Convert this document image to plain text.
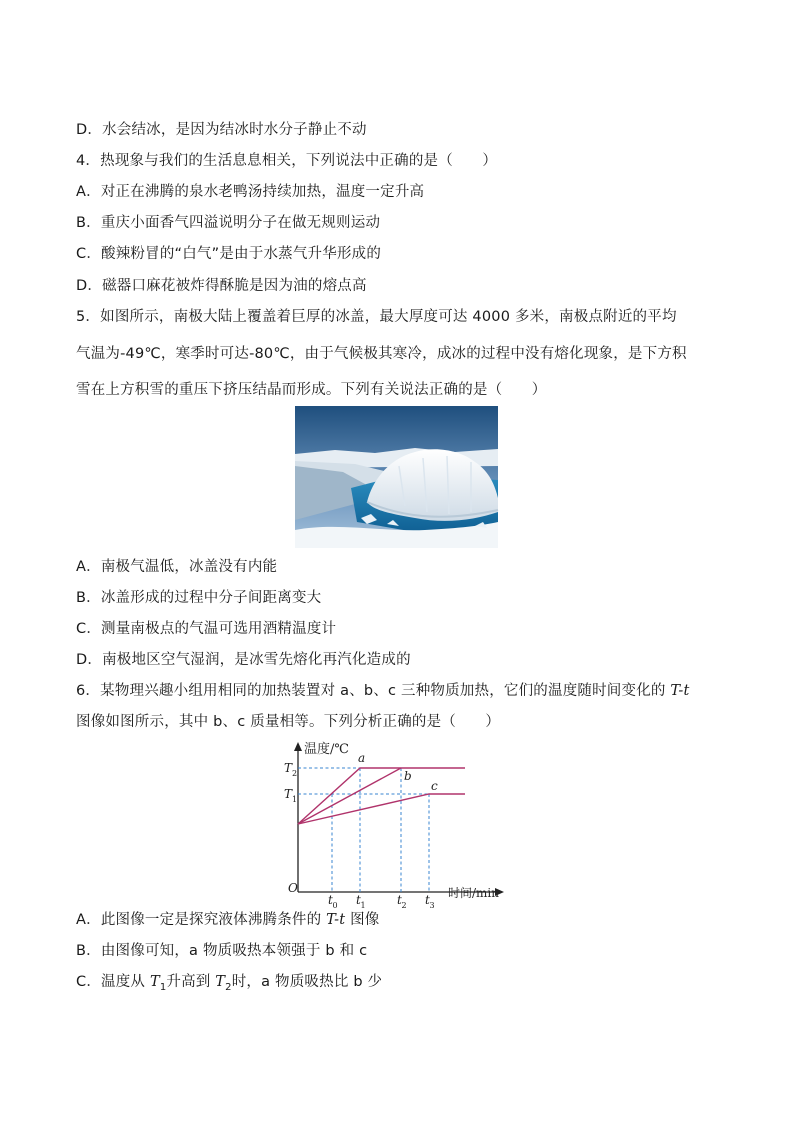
D．水会结冰，是因为结冰时水分子静止不动
4．热现象与我们的生活息息相关，下列说法中正确的是（　　）
A．对正在沸腾的泉水老鸭汤持续加热，温度一定升高
B．重庆小面香气四溢说明分子在做无规则运动
C．酸辣粉冒的“白气”是由于水蒸气升华形成的
D．磁器口麻花被炸得酥脆是因为油的熔点高
5．如图所示，南极大陆上覆盖着巨厚的冰盖，最大厚度可达 4000 多米，南极点附近的平均
气温为-49℃，寒季时可达-80℃，由于气候极其寒冷，成冰的过程中没有熔化现象，是下方积
雪在上方积雪的重压下挤压结晶而形成。下列有关说法正确的是（　　）
A．南极气温低，冰盖没有内能
B．冰盖形成的过程中分子间距离变大
C．测量南极点的气温可选用酒精温度计
D．南极地区空气湿润，是冰雪先熔化再汽化造成的
6．某物理兴趣小组用相同的加热装置对 a、b、c 三种物质加热，它们的温度随时间变化的 T-t
图像如图所示，其中 b、c 质量相等。下列分析正确的是（　　）
温度/℃
O	时间/min
T 2
T 1
t 0 t 1	t 2 t 3
a
b
c
A．此图像一定是探究液体沸腾条件的 T-t 图像
B．由图像可知，a 物质吸热本领强于 b 和 c
C．温度从 $T_1$升高到 $T_2$时，a 物质吸热比 b 少
